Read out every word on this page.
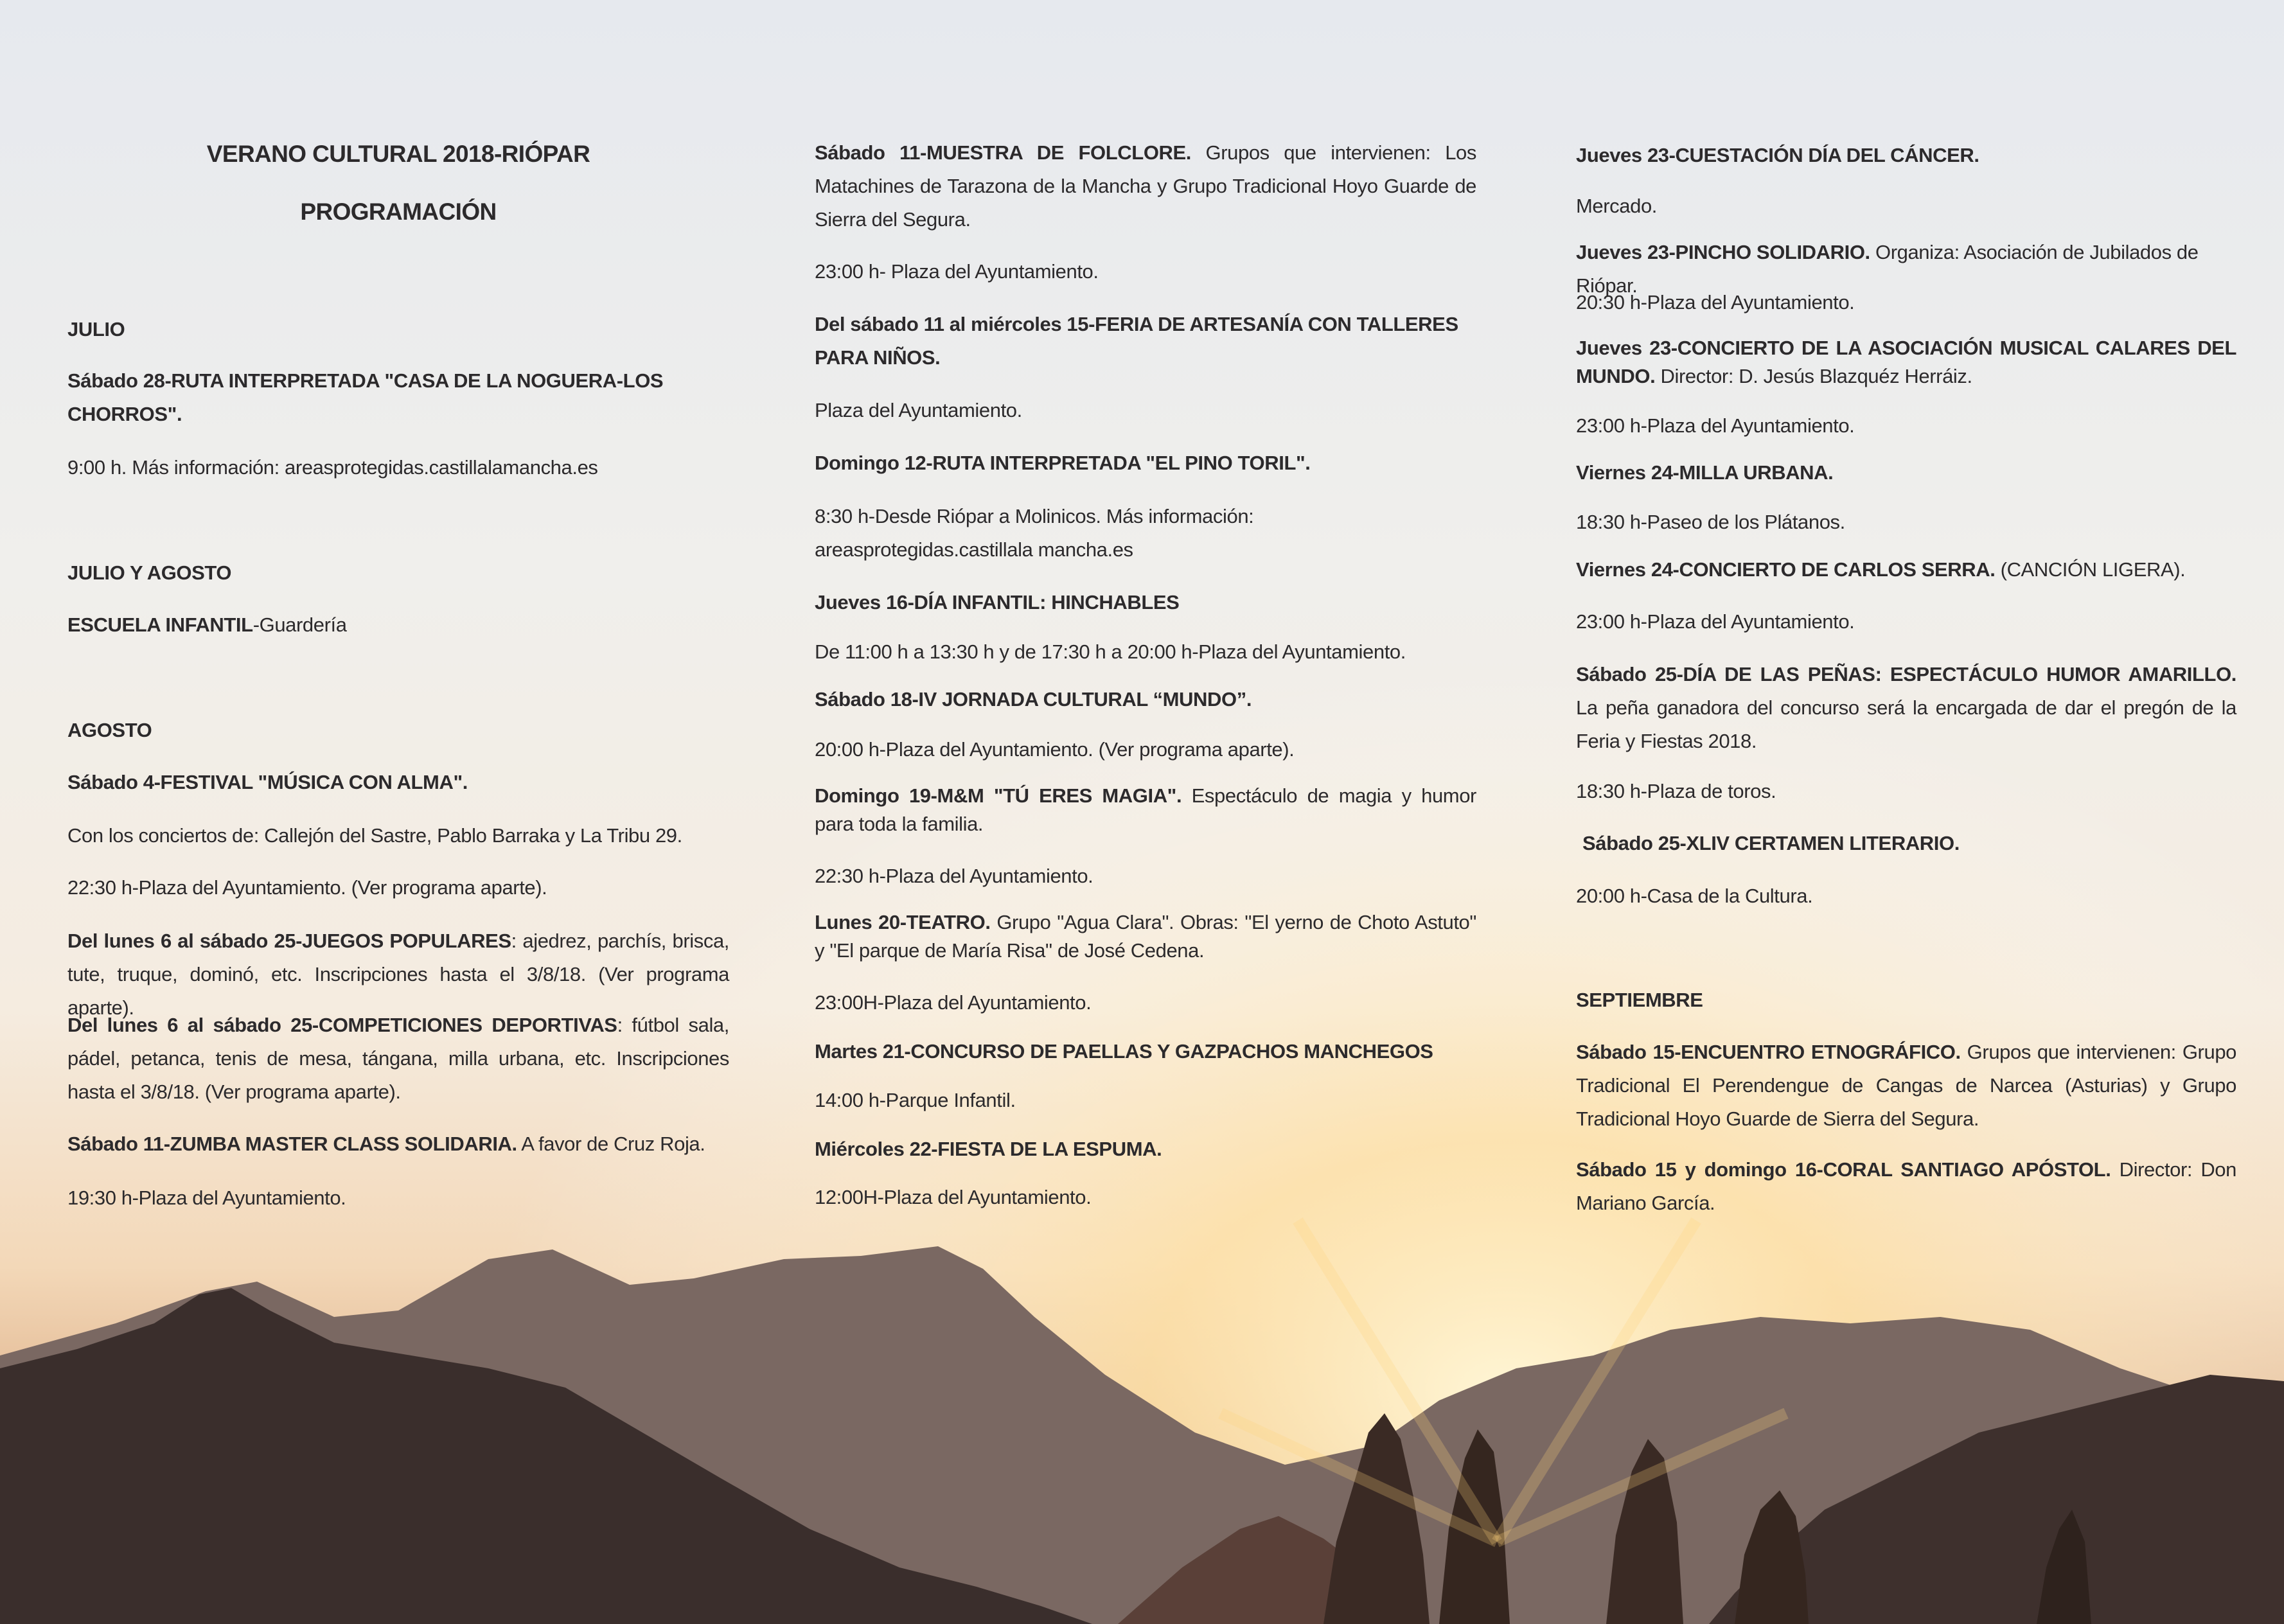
VERANO CULTURAL 2018-RIÓPAR

PROGRAMACIÓN

JULIO

Sábado 28-RUTA INTERPRETADA "CASA DE LA NOGUERA-LOS CHORROS".

9:00 h. Más información: areasprotegidas.castillalamancha.es

JULIO Y AGOSTO

ESCUELA INFANTIL-Guardería

AGOSTO

Sábado 4-FESTIVAL "MÚSICA CON ALMA".

Con los conciertos de: Callejón del Sastre, Pablo Barraka y La Tribu 29.

22:30 h-Plaza del Ayuntamiento. (Ver programa aparte).

Del lunes 6 al sábado 25-JUEGOS POPULARES: ajedrez, parchís, brisca, tute, truque, dominó, etc. Inscripciones hasta el 3/8/18. (Ver programa aparte).

Del lunes 6 al sábado 25-COMPETICIONES DEPORTIVAS: fútbol sala, pádel, petanca, tenis de mesa, tángana, milla urbana, etc. Inscripciones hasta el 3/8/18. (Ver programa aparte).

Sábado 11-ZUMBA MASTER CLASS SOLIDARIA. A favor de Cruz Roja.

19:30 h-Plaza del Ayuntamiento.

Sábado 11-MUESTRA DE FOLCLORE. Grupos que intervienen: Los Matachines de Tarazona de la Mancha y Grupo Tradicional Hoyo Guarde de Sierra del Segura.

23:00 h- Plaza del Ayuntamiento.

Del sábado 11 al miércoles 15-FERIA DE ARTESANÍA CON TALLERES PARA NIÑOS.

Plaza del Ayuntamiento.

Domingo 12-RUTA INTERPRETADA "EL PINO TORIL".

8:30 h-Desde Riópar a Molinicos. Más información: areasprotegidas.castillala mancha.es

Jueves 16-DÍA INFANTIL: HINCHABLES

De 11:00 h a 13:30 h y de 17:30 h a 20:00 h-Plaza del Ayuntamiento.

Sábado 18-IV JORNADA CULTURAL “MUNDO”.

20:00 h-Plaza del Ayuntamiento. (Ver programa aparte).

Domingo 19-M&M "TÚ ERES MAGIA". Espectáculo de magia y humor para toda la familia.

22:30 h-Plaza del Ayuntamiento.

Lunes 20-TEATRO. Grupo "Agua Clara". Obras: "El yerno de Choto Astuto" y "El parque de María Risa" de José Cedena.

23:00H-Plaza del Ayuntamiento.

Martes 21-CONCURSO DE PAELLAS Y GAZPACHOS MANCHEGOS

14:00 h-Parque Infantil.

Miércoles 22-FIESTA DE LA ESPUMA.

12:00H-Plaza del Ayuntamiento.

Jueves 23-CUESTACIÓN DÍA DEL CÁNCER.

Mercado.

Jueves 23-PINCHO SOLIDARIO. Organiza: Asociación de Jubilados de Riópar.

20:30 h-Plaza del Ayuntamiento.

Jueves 23-CONCIERTO DE LA ASOCIACIÓN MUSICAL CALARES DEL MUNDO. Director: D. Jesús Blazquéz Herráiz.

23:00 h-Plaza del Ayuntamiento.

Viernes 24-MILLA URBANA.

18:30 h-Paseo de los Plátanos.

Viernes 24-CONCIERTO DE CARLOS SERRA. (CANCIÓN LIGERA).

23:00 h-Plaza del Ayuntamiento.

Sábado 25-DÍA DE LAS PEÑAS: ESPECTÁCULO HUMOR AMARILLO. La peña ganadora del concurso será la encargada de dar el pregón de la Feria y Fiestas 2018.

18:30 h-Plaza de toros.

Sábado 25-XLIV CERTAMEN LITERARIO.

20:00 h-Casa de la Cultura.

SEPTIEMBRE

Sábado 15-ENCUENTRO ETNOGRÁFICO. Grupos que intervienen: Grupo Tradicional El Perendengue de Cangas de Narcea (Asturias) y Grupo Tradicional Hoyo Guarde de Sierra del Segura.

Sábado 15 y domingo 16-CORAL SANTIAGO APÓSTOL. Director: Don Mariano García.
